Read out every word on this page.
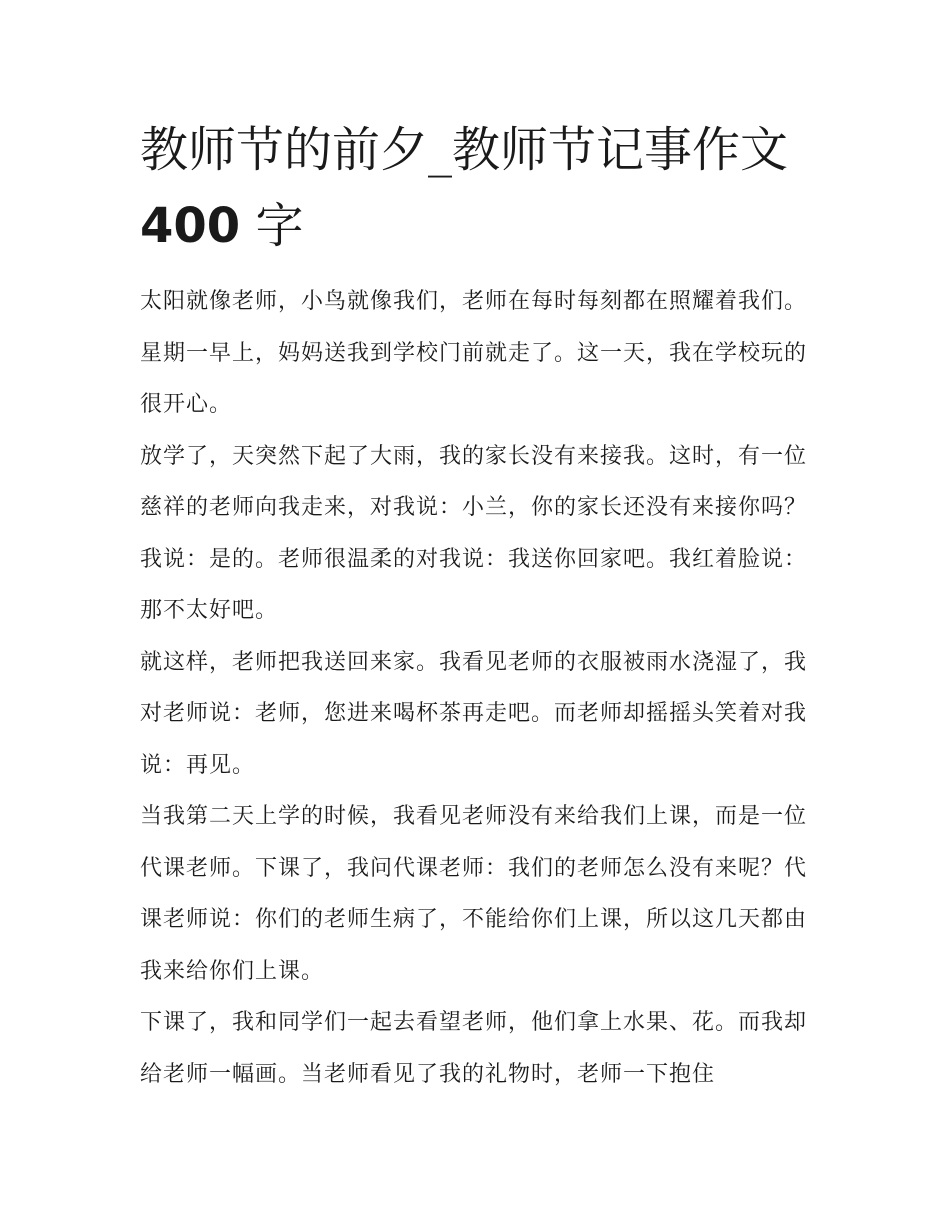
教师节的前夕_教师节记事作文
400 字

太阳就像老师，小鸟就像我们，老师在每时每刻都在照耀着我们。 星期一早上，妈妈送我到学校门前就走了。这一天，我在学校玩的很开心。

放学了，天突然下起了大雨，我的家长没有来接我。这时，有一位慈祥的老师向我走来，对我说：小兰，你的家长还没有来接你吗？我说：是的。老师很温柔的对我说：我送你回家吧。我红着脸说：那不太好吧。

就这样，老师把我送回来家。我看见老师的衣服被雨水浇湿了，我对老师说：老师，您进来喝杯茶再走吧。而老师却摇摇头笑着对我说：再见。

当我第二天上学的时候，我看见老师没有来给我们上课，而是一位代课老师。下课了，我问代课老师：我们的老师怎么没有来呢？代课老师说：你们的老师生病了，不能给你们上课，所以这几天都由我来给你们上课。

下课了，我和同学们一起去看望老师，他们拿上水果、花。而我却给老师一幅画。当老师看见了我的礼物时，老师一下抱住
